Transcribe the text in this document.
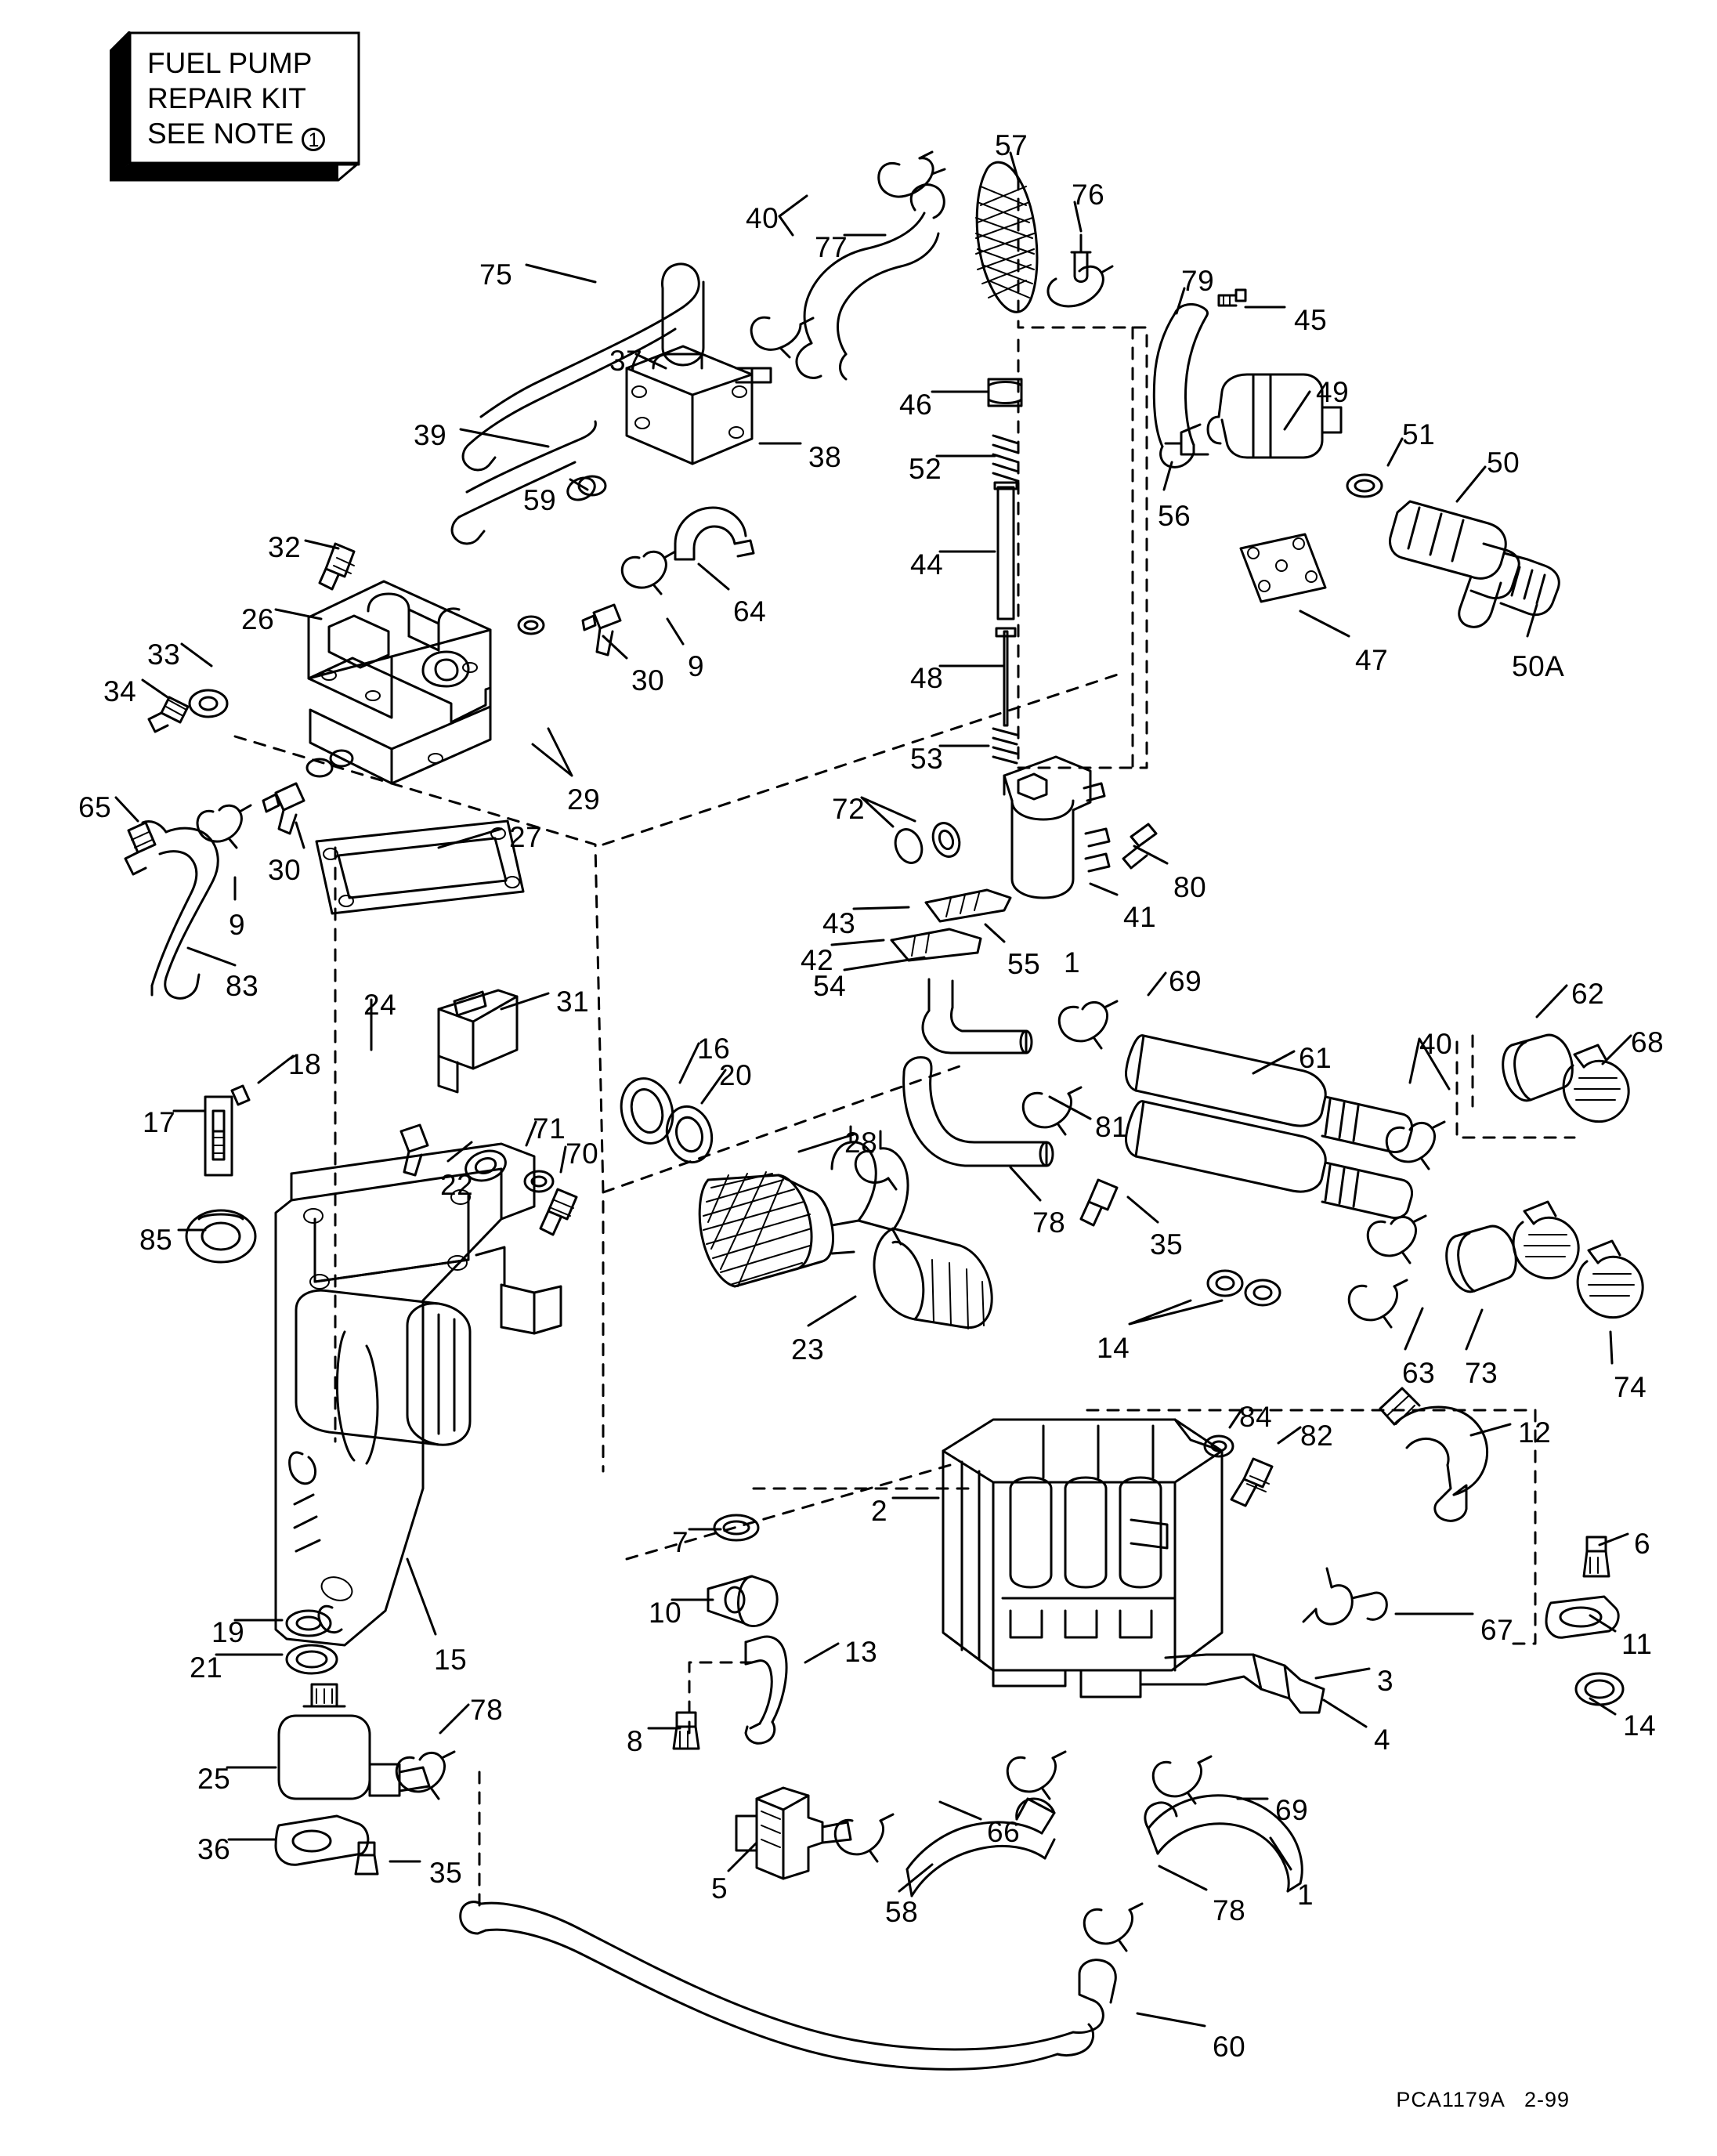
FUEL PUMP
REPAIR KIT
SEE NOTE 1
75
40
77
57
76
79
45
49
51
50
39
37
38
46
52
56
59
32
64
44
47	50A
26
30 9
33
34	48
53
29
65	72
80
30
27
9	43	41
42	55 1
83	54	69	62
24	31
68
16
20
61	40
18
17	71
70	28	81
22
78
85	35
73
63	74
23	14
84
82	12
7
2
6
10
13
67	11
19
21	15
3
14
8	4
78
25
69
66
36
5
35
58	78 1
60
PCA1179A   2-99
